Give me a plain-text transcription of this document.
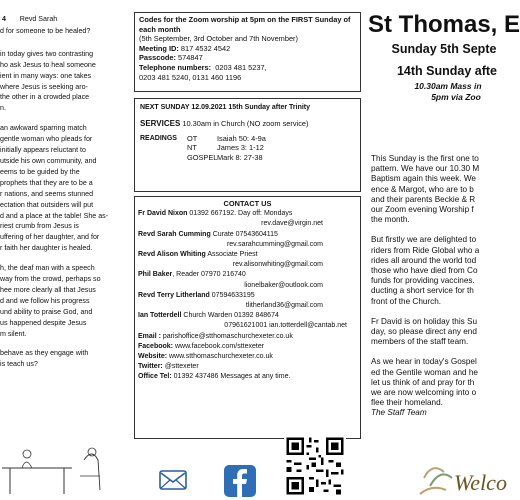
4 Revd Sarah

d for someone to be healed?

in today gives two contrasting
ho ask Jesus to heal someone
ient in many ways: one takes
where Jesus is seeking aro-
the other in a crowded place
n.

an awkward sparring match
gentle woman who pleads for
initially appears reluctant to
utside his own community, and
eems to be guided by the
prophets that they are to be a
r nations, and seems stunned
ectation that outsiders will put
d and a place at the table! She as-
riest crumb from Jesus is
uffering of her daughter, and for
r faith her daughter is healed.

h, the deaf man with a speech
way from the crowd, perhaps so
hee more clearly all that Jesus
d and we follow his progress
und ability to praise God, and
us happened despite Jesus
m silent.

behave as they engage with
is teach us?

Codes for the Zoom worship at 5pm on the FIRST Sunday of each month
(5th September, 3rd October and 7th November)
Meeting ID: 817 4532 4542
Passcode: 574847
Telephone numbers: 0203 481 5237,
0203 481 5240, 0131 460 1196
NEXT SUNDAY 12.09.2021 15th Sunday after Trinity
SERVICES 10.30am in Church (NO zoom service)
READINGS	OT	Isaiah 50: 4-9a
NT	James 3: 1-12
GOSPEL Mark 8: 27-38
CONTACT US
Fr David Nixon 01392 667192. Day off: Mondays
rev.dave@virgin.net
Revd Sarah Cumming Curate 07543604115
rev.sarahcumming@gmail.com
Revd Alison Whiting Associate Priest
rev.alisonwhiting@gmail.com
Phil Baker, Reader 07970 216740
lionelbaker@outlook.com
Revd Terry Litherland 07594633195
tlitherland36@gmail.com
Ian Totterdell Church Warden 01392 848674
07961621001 ian.totterdell@cantab.net
Email : parishoffice@stthomaschurchexeter.co.uk
Facebook: www.facebook.com/sttexeter
Website: www.stthomaschurchexeter.co.uk
Twitter: @sttexeter
Office Tel: 01392 437486 Messages at any time.
St Thomas, E
Sunday 5th Septe
14th Sunday afte
10.30am Mass in
5pm via Zoo

This Sunday is the first one to
pattern. We have our 10.30 M
Baptism again this week. We
ence & Margot, who are to b
and their parents Beckie & R
our Zoom evening Worship f
the month.

But firstly we are delighted to
riders from Ride Global who a
rides all around the world tod
those who have died from Co
funds for providing vaccines.
ducting a short service for th
front of the Church.

Fr David is on holiday this Su
day, so please direct any end
members of the staff team.

As we hear in today's Gospel
ed the Gentile woman and he
let us think of and pray for th
we are now welcoming into o
flee their homeland.

The Staff Team

Welco
